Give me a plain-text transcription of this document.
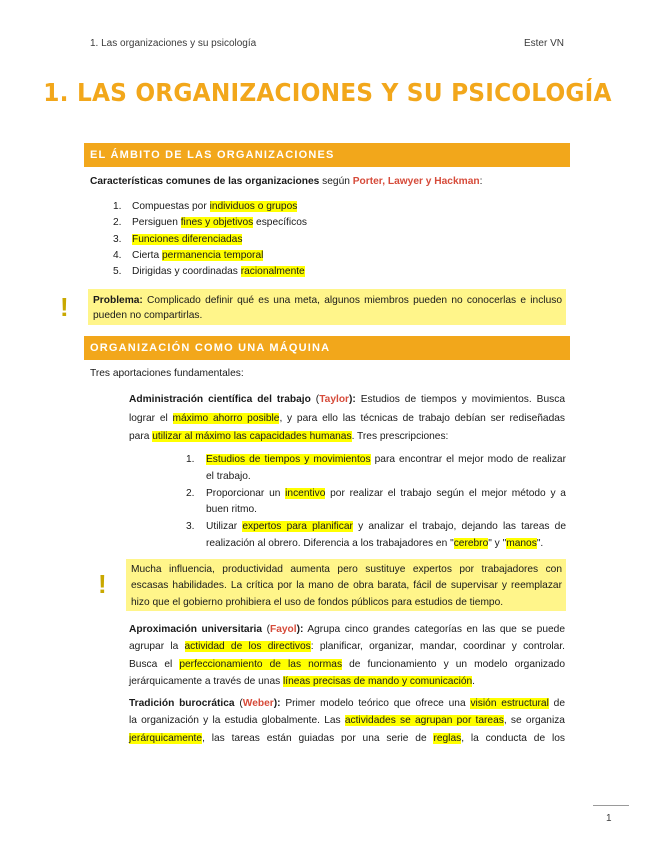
1. Las organizaciones y su psicología	Ester VN
1. LAS ORGANIZACIONES Y SU PSICOLOGÍA
EL ÁMBITO DE LAS ORGANIZACIONES
Características comunes de las organizaciones según Porter, Lawyer y Hackman:
1. Compuestas por individuos o grupos
2. Persiguen fines y objetivos específicos
3. Funciones diferenciadas
4. Cierta permanencia temporal
5. Dirigidas y coordinadas racionalmente
! Problema: Complicado definir qué es una meta, algunos miembros pueden no conocerlas e incluso
pueden no compartirlas.
ORGANIZACIÓN COMO UNA MÁQUINA
Tres aportaciones fundamentales:
Administración científica del trabajo (Taylor): Estudios de tiempos y movimientos. Busca
lograr el máximo ahorro posible, y para ello las técnicas de trabajo debían ser rediseñadas
para utilizar al máximo las capacidades humanas. Tres prescripciones:
1. Estudios de tiempos y movimientos para encontrar el mejor modo de realizar
el trabajo.
2. Proporcionar un incentivo por realizar el trabajo según el mejor método y a
buen ritmo.
3. Utilizar expertos para planificar y analizar el trabajo, dejando las tareas de
realización al obrero. Diferencia a los trabajadores en "cerebro" y "manos".
! Mucha influencia, productividad aumenta pero sustituye expertos por trabajadores con
escasas habilidades. La crítica por la mano de obra barata, fácil de supervisar y reemplazar
hizo que el gobierno prohibiera el uso de fondos públicos para estudios de tiempo.
Aproximación universitaria (Fayol): Agrupa cinco grandes categorías en las que se puede
agrupar la actividad de los directivos: planificar, organizar, mandar, coordinar y controlar.
Busca el perfeccionamiento de las normas de funcionamiento y un modelo organizado
jerárquicamente a través de unas líneas precisas de mando y comunicación.
Tradición burocrática (Weber): Primer modelo teórico que ofrece una visión estructural de
la organización y la estudia globalmente. Las actividades se agrupan por tareas, se organiza
jerárquicamente, las tareas están guiadas por una serie de reglas, la conducta de los
1
